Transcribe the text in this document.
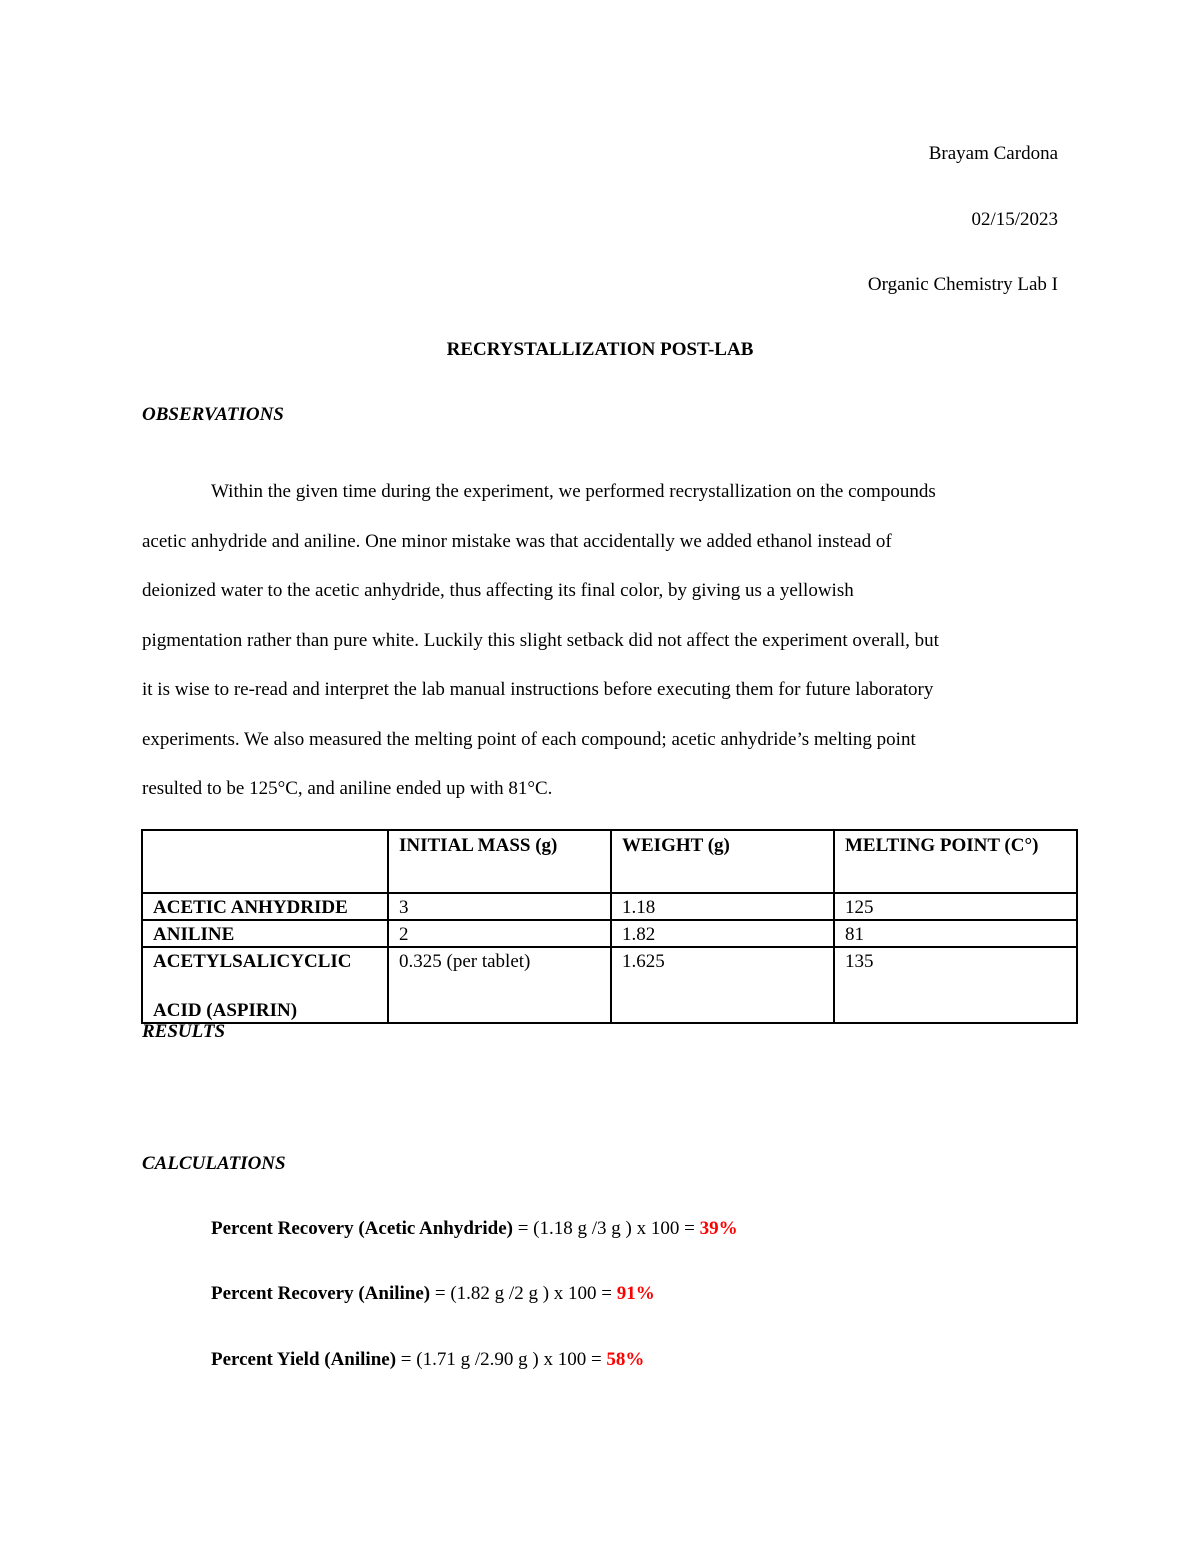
Brayam Cardona
02/15/2023
Organic Chemistry Lab I
RECRYSTALLIZATION POST-LAB
OBSERVATIONS
Within the given time during the experiment, we performed recrystallization on the compounds
acetic anhydride and aniline. One minor mistake was that accidentally we added ethanol instead of
deionized water to the acetic anhydride, thus affecting its final color, by giving us a yellowish
pigmentation rather than pure white. Luckily this slight setback did not affect the experiment overall, but
it is wise to re-read and interpret the lab manual instructions before executing them for future laboratory
experiments. We also measured the melting point of each compound; acetic anhydride’s melting point
resulted to be 125°C, and aniline ended up with 81°C.
	INITIAL MASS (g)	WEIGHT (g)	MELTING POINT (C°)
ACETIC ANHYDRIDE	3	1.18	125
ANILINE	2	1.82	81
ACETYLSALICYCLIC
ACID (ASPIRIN)	0.325 (per tablet)	1.625	135
RESULTS
CALCULATIONS
Percent Recovery (Acetic Anhydride) = (1.18 g /3 g ) x 100 = 39%
Percent Recovery (Aniline) = (1.82 g /2 g ) x 100 = 91%
Percent Yield (Aniline) = (1.71 g /2.90 g ) x 100 = 58%
